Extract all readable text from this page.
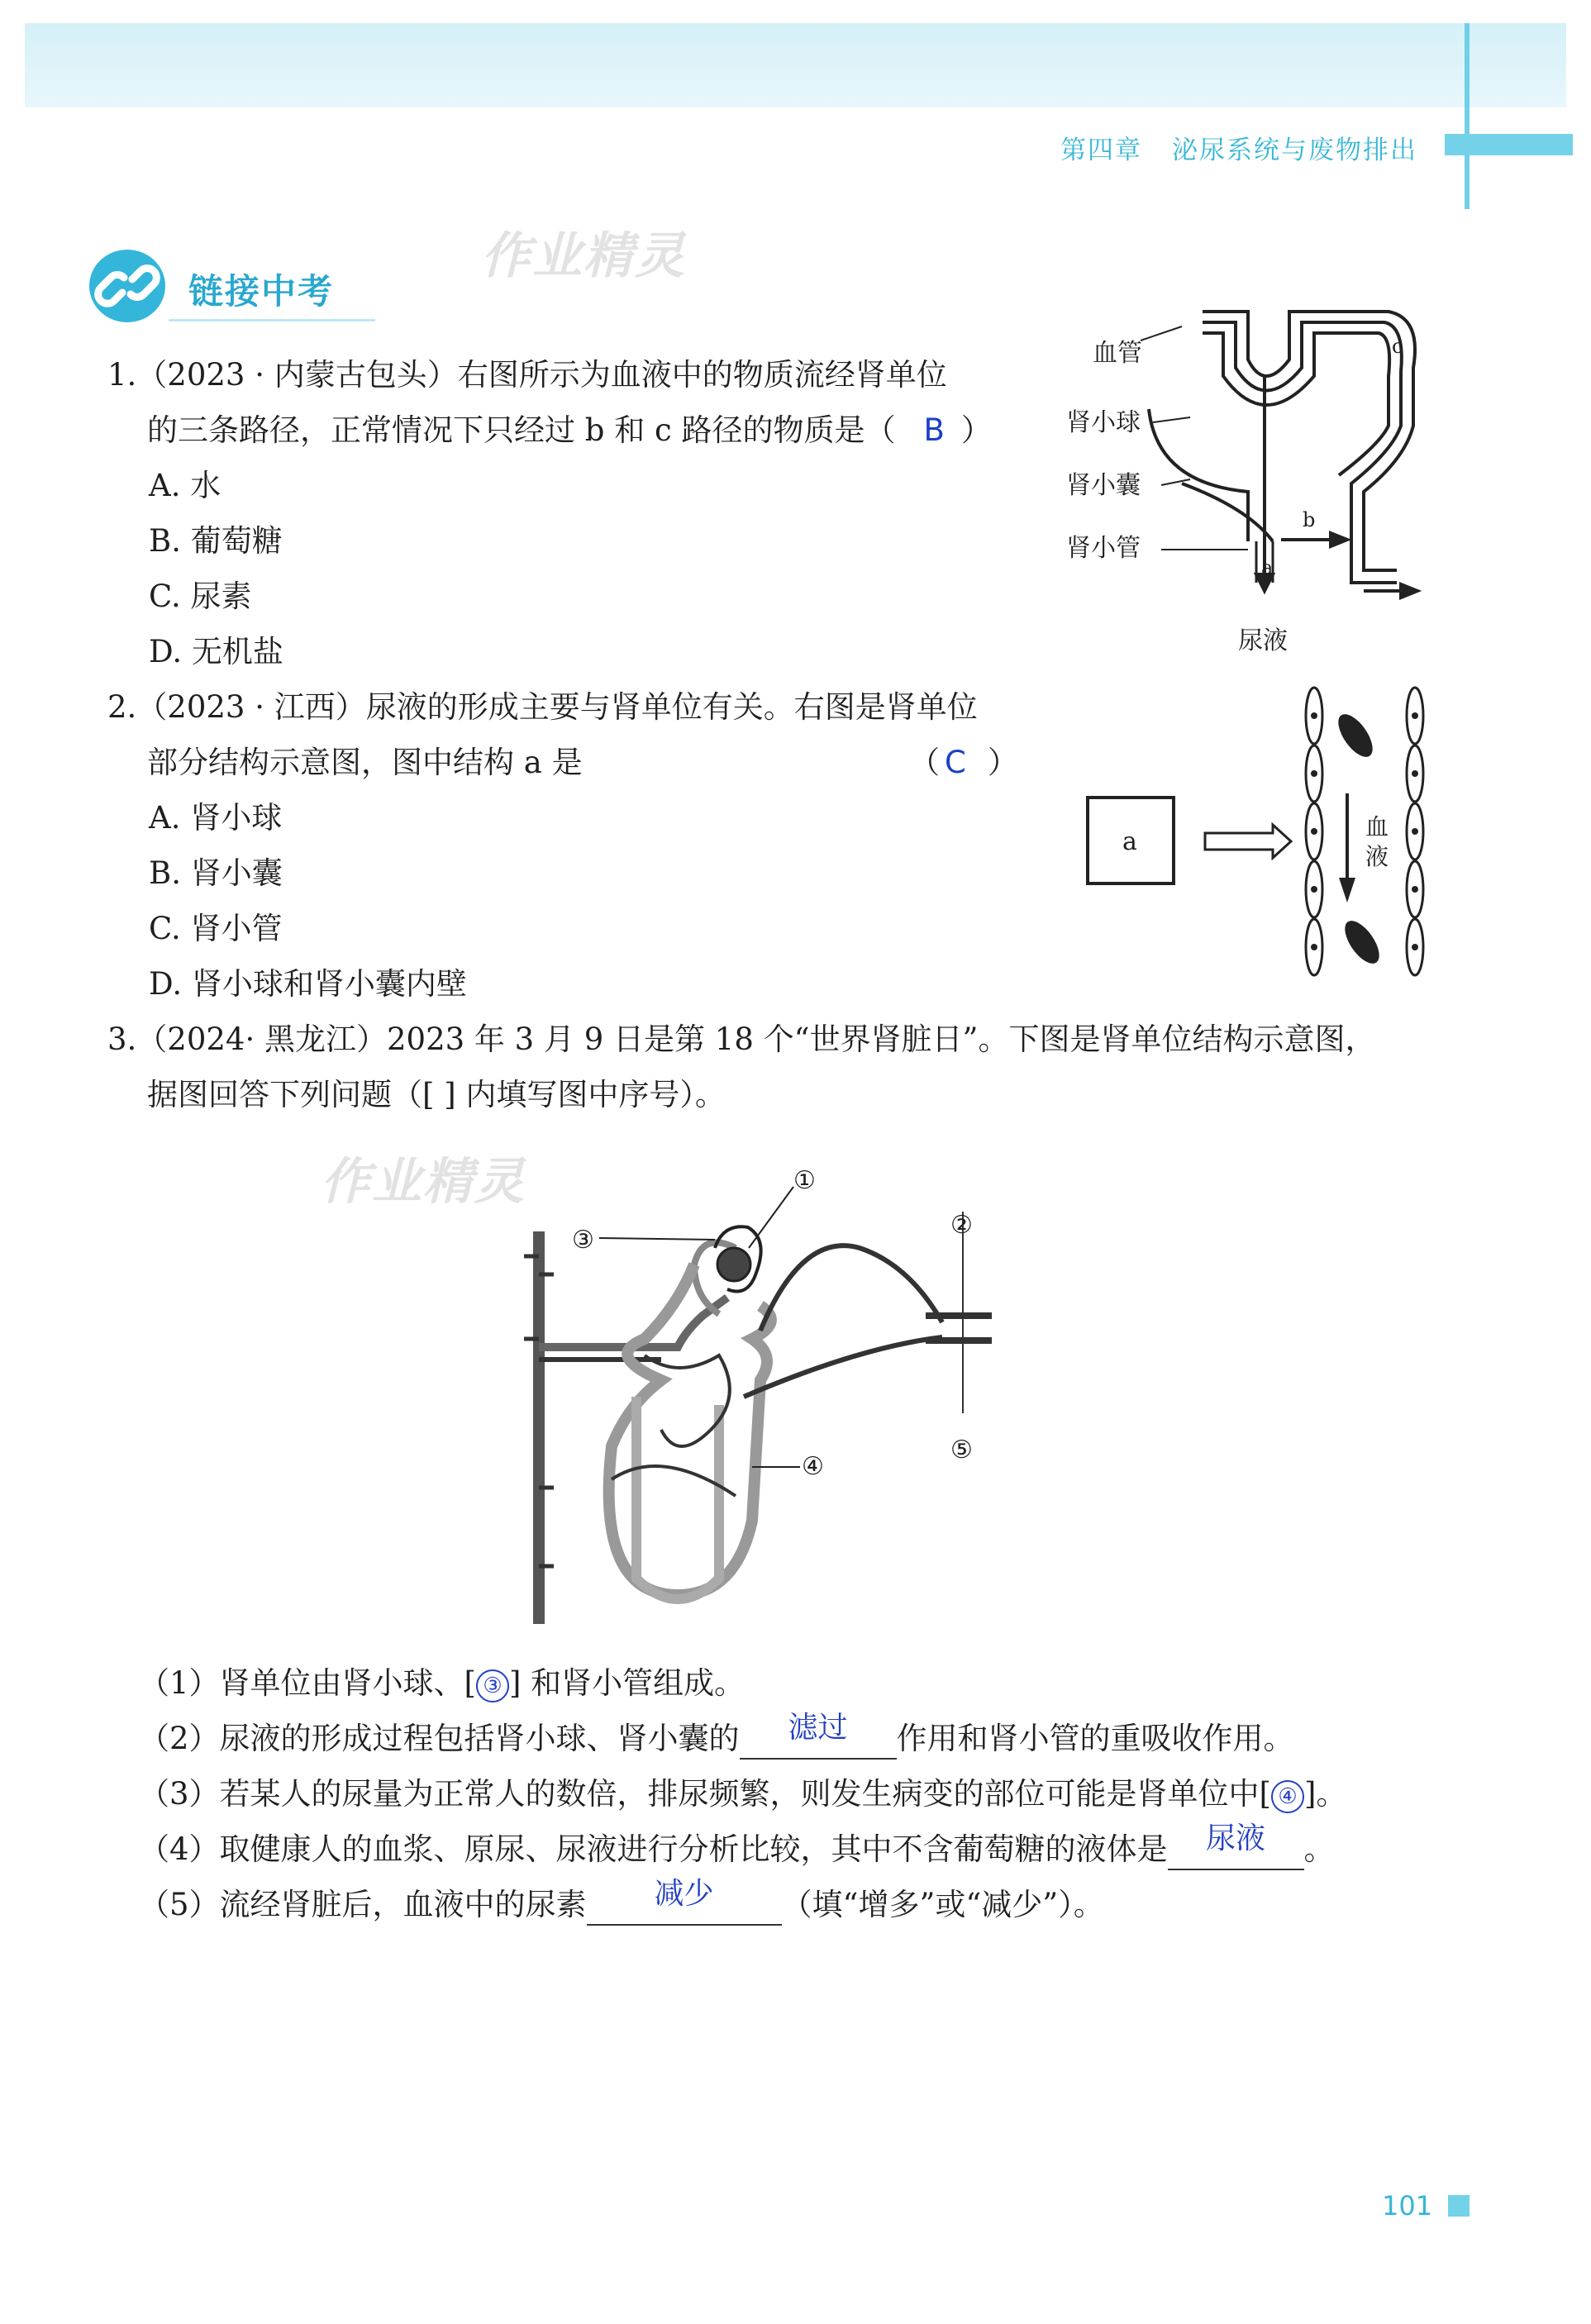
第四章 泌尿系统与废物排出
链接中考
作业精灵
1.（2023 · 内蒙古包头）右图所示为血液中的物质流经肾单位
的三条路径，正常情况下只经过 b 和 c 路径的物质是（ B ）
A. 水
B. 葡萄糖
C. 尿素
D. 无机盐
血管
肾小球
肾小囊
肾小管
尿液
a
b
c
2.（2023 · 江西）尿液的形成主要与肾单位有关。右图是肾单位
部分结构示意图，图中结构 a 是	（ C ）
A. 肾小球
B. 肾小囊
C. 肾小管
D. 肾小球和肾小囊内壁
a
血
液
3.（2024· 黑龙江）2023 年 3 月 9 日是第 18 个“世界肾脏日”。下图是肾单位结构示意图，
据图回答下列问题（[ ] 内填写图中序号）。
作业精灵	①
②
③
④
⑤
（1）肾单位由肾小球、[ ③ ] 和肾小管组成。
（2）尿液的形成过程包括肾小球、肾小囊的 滤过 作用和肾小管的重吸收作用。
（3）若某人的尿量为正常人的数倍，排尿频繁，则发生病变的部位可能是肾单位中[ ④ ]。
（4）取健康人的血浆、原尿、尿液进行分析比较，其中不含葡萄糖的液体是 尿液 。
（5）流经肾脏后，血液中的尿素 减少 （填“增多”或“减少”）。
101
